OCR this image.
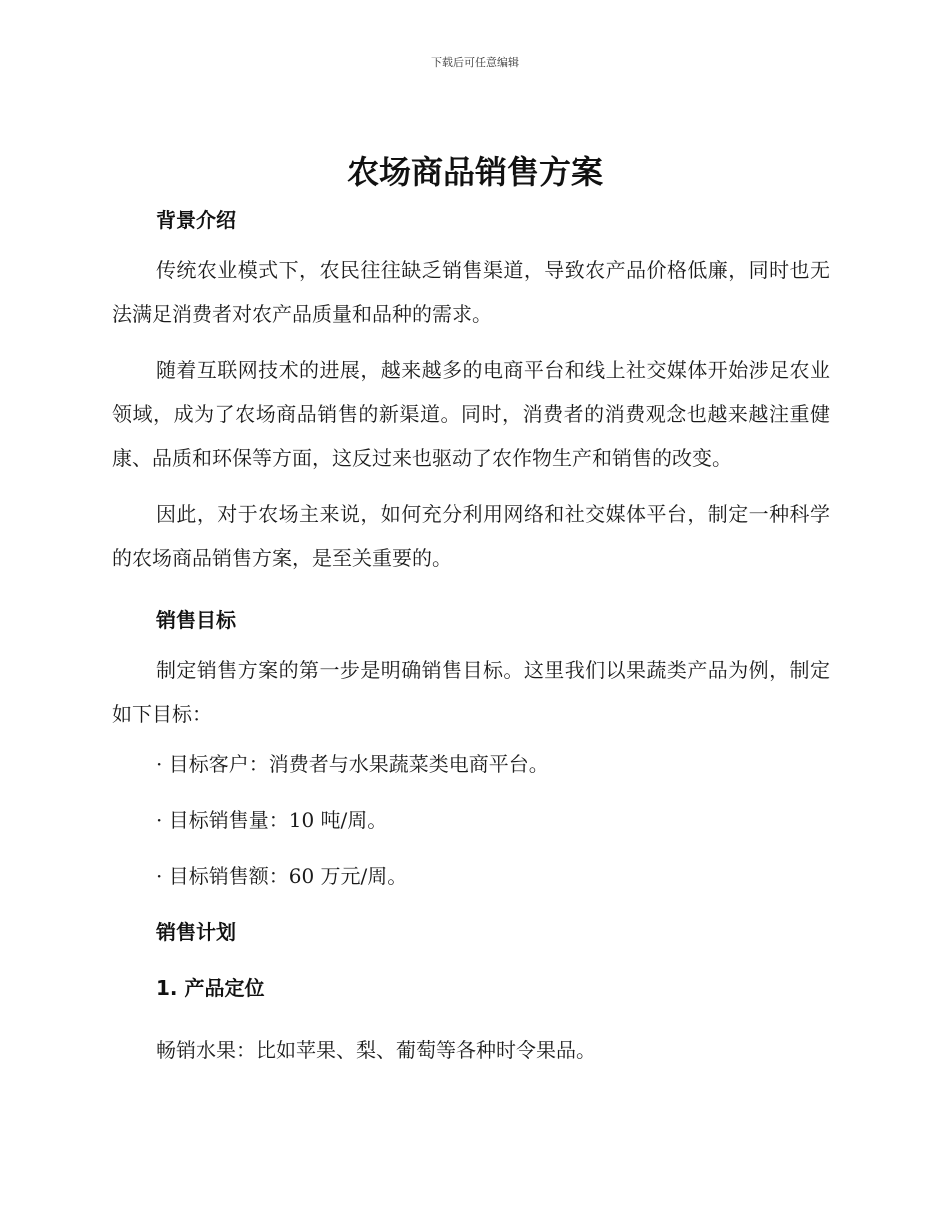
下载后可任意编辑
农场商品销售方案
背景介绍

传统农业模式下，农民往往缺乏销售渠道，导致农产品价格低廉，同时也无法满足消费者对农产品质量和品种的需求。

随着互联网技术的进展，越来越多的电商平台和线上社交媒体开始涉足农业领域，成为了农场商品销售的新渠道。同时，消费者的消费观念也越来越注重健康、品质和环保等方面，这反过来也驱动了农作物生产和销售的改变。

因此，对于农场主来说，如何充分利用网络和社交媒体平台，制定一种科学的农场商品销售方案，是至关重要的。

销售目标

制定销售方案的第一步是明确销售目标。这里我们以果蔬类产品为例，制定如下目标：

· 目标客户：消费者与水果蔬菜类电商平台。

· 目标销售量：10 吨/周。

· 目标销售额：60 万元/周。

销售计划
1. 产品定位

畅销水果：比如苹果、梨、葡萄等各种时令果品。
